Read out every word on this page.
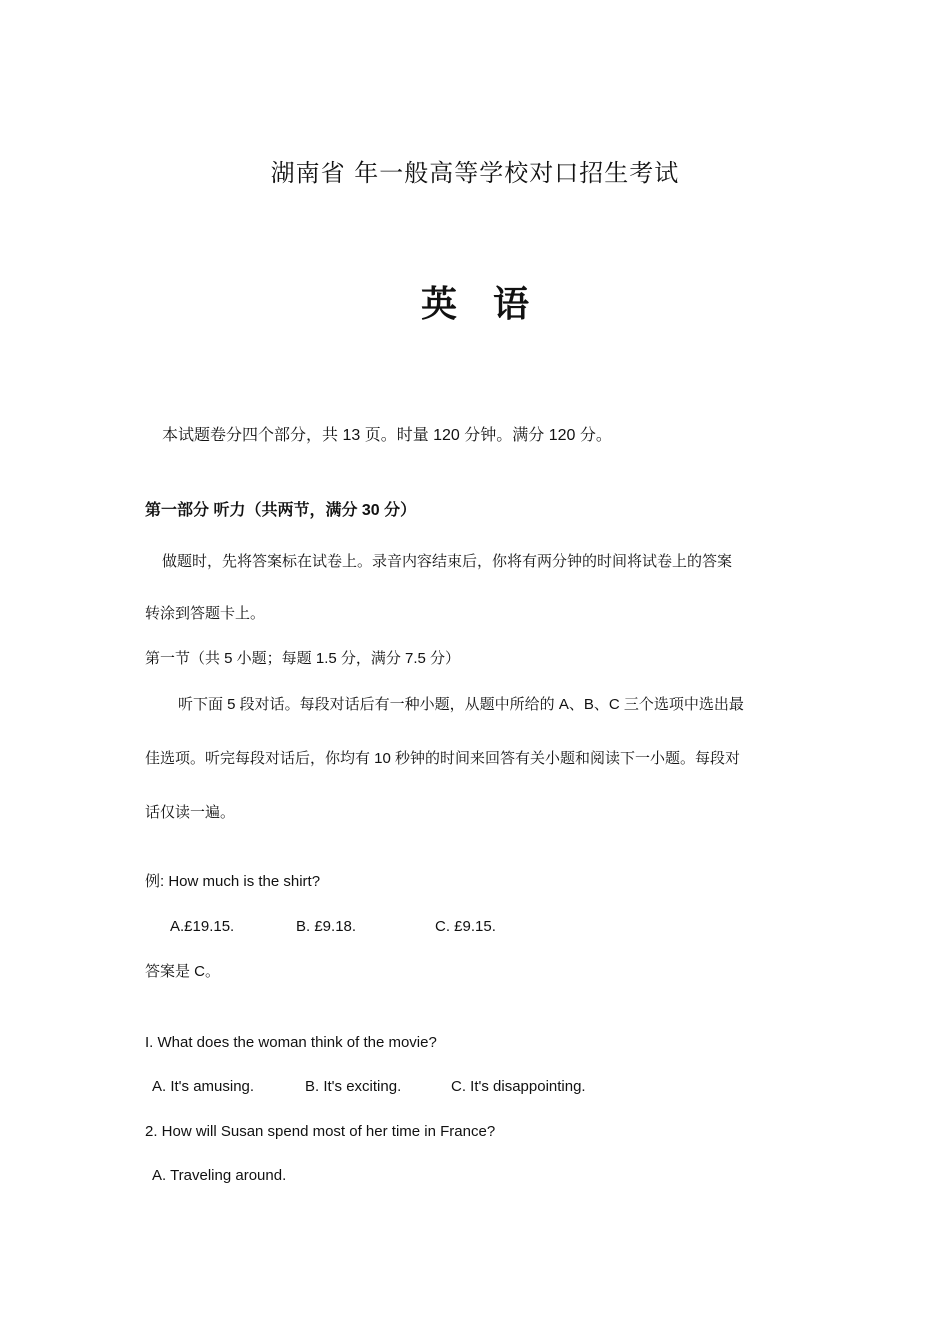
湖南省 年一般高等学校对口招生考试
英语
本试题卷分四个部分，共 13 页。时量 120 分钟。满分 120 分。
第一部分 听力（共两节，满分 30 分）
做题时，先将答案标在试卷上。录音内容结束后，你将有两分钟的时间将试卷上的答案
转涂到答题卡上。
第一节（共 5 小题；每题 1.5 分，满分 7.5 分）
听下面 5 段对话。每段对话后有一种小题，从题中所给的 A、B、C 三个选项中选出最
佳选项。听完每段对话后，你均有 10 秒钟的时间来回答有关小题和阅读下一小题。每段对
话仅读一遍。
例: How much is the shirt?
A.£19.15.	B. £9.18.	C. £9.15.
答案是 C。
I. What does the woman think of the movie?
A. It's amusing.	B. It's exciting.	C. It's disappointing.
2. How will Susan spend most of her time in France?
A. Traveling around.
